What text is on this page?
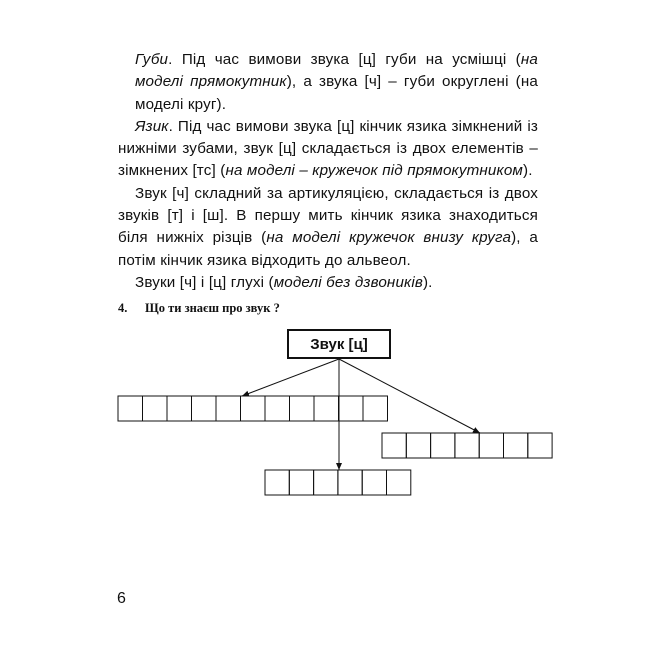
Губи. Під час вимови звука [ц] губи на усмішці (на моделі прямокутник), а звука [ч] – губи округлені (на моделі круг).

Язик. Під час вимови звука [ц] кінчик язика зімкнений із нижніми зубами, звук [ц] складається із двох елементів – зімкнених [тс] (на моделі – кружечок під прямокутником).

Звук [ч] складний за артикуляцією, складається із двох звуків [т] і [ш]. В першу мить кінчик язика знаходиться біля нижніх різців (на моделі кружечок внизу круга), а потім кінчик язика відходить до альвеол.

Звуки [ч] і [ц] глухі (моделі без дзвоників).

4. Що ти знаєш про звук ?
Звук [ц]
6
